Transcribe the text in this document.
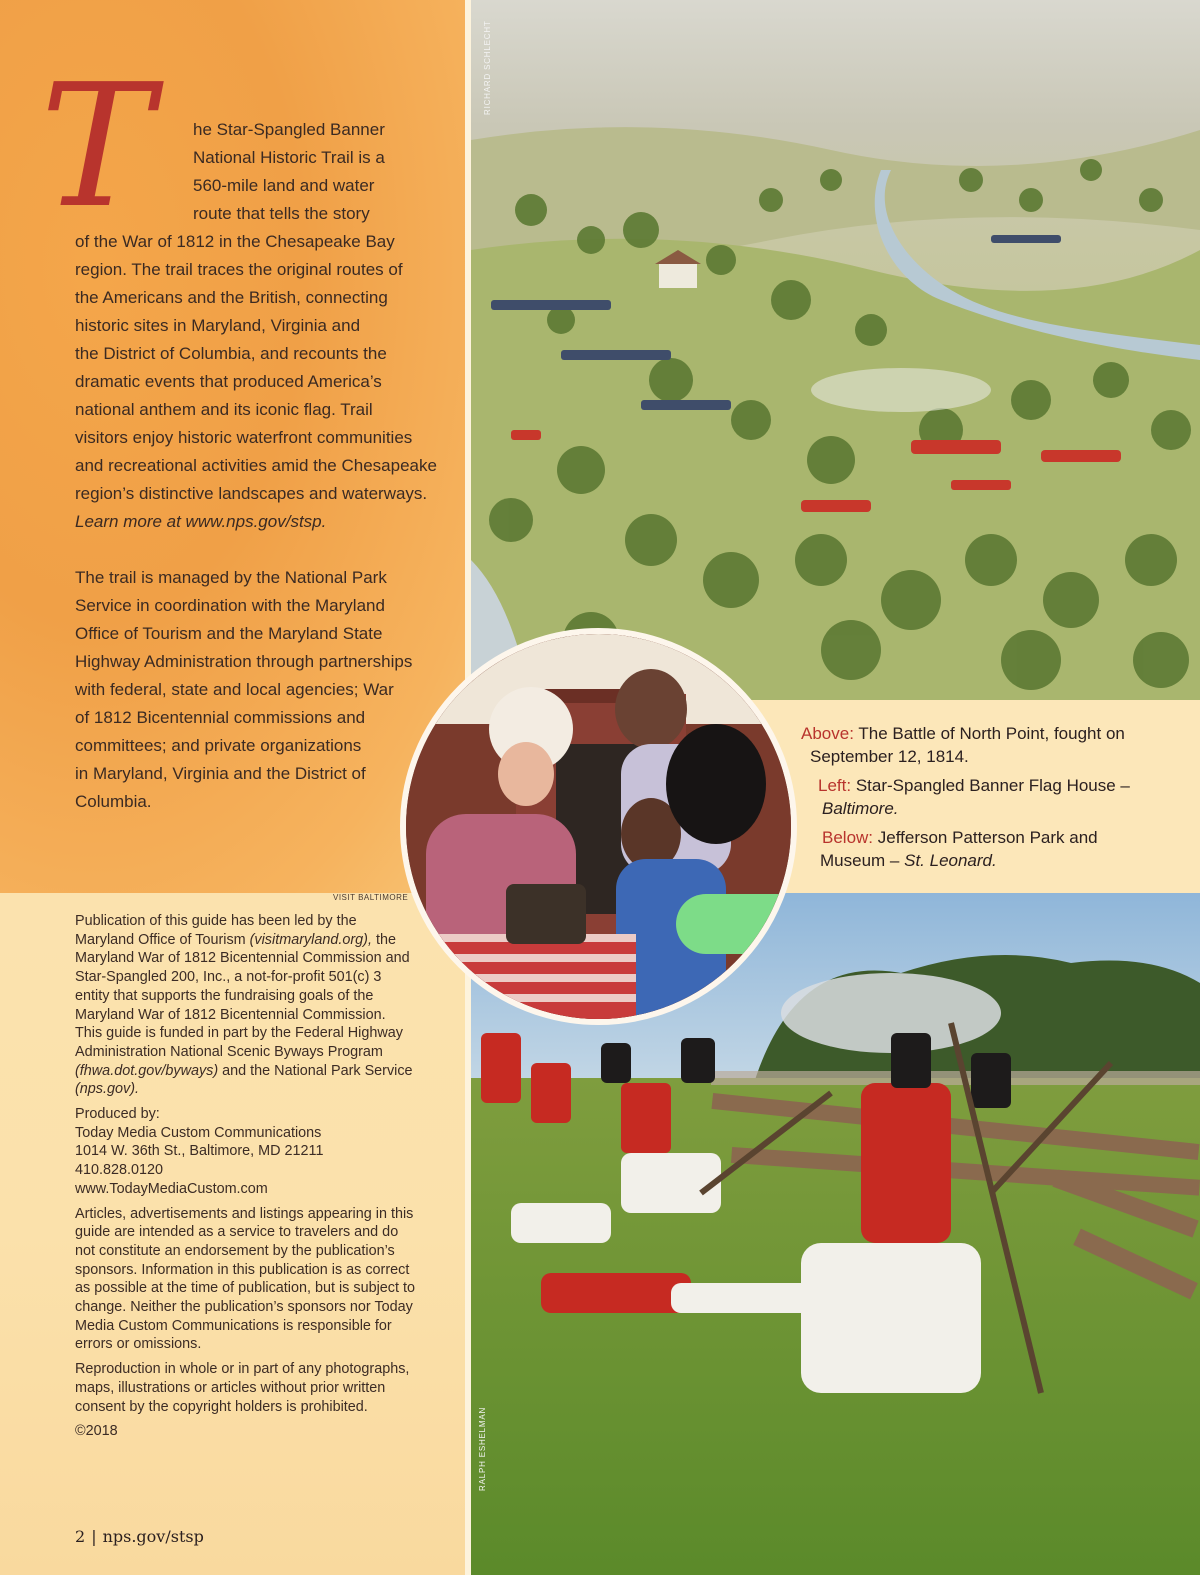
T	he Star-Spangled Banner
National Historic Trail is a
560-mile land and water
route that tells the story
of the War of 1812 in the Chesapeake Bay
region. The trail traces the original routes of
the Americans and the British, connecting
historic sites in Maryland, Virginia and
the District of Columbia, and recounts the
dramatic events that produced America’s
national anthem and its iconic flag. Trail
visitors enjoy historic waterfront communities
and recreational activities amid the Chesapeake
region’s distinctive landscapes and waterways.
Learn more at www.nps.gov/stsp.

The trail is managed by the National Park
Service in coordination with the Maryland
Office of Tourism and the Maryland State
Highway Administration through partnerships
with federal, state and local agencies; War
of 1812 Bicentennial commissions and
committees; and private organizations
in Maryland, Virginia and the District of
Columbia.

RICHARD SCHLECHT
Above: The Battle of North Point, fought on
September 12, 1814.
Left: Star-Spangled Banner Flag House –
Baltimore.
Below: Jefferson Patterson Park and
Museum – St. Leonard.
RALPH ESHELMAN
VISIT BALTIMORE

Publication of this guide has been led by the Maryland Office of Tourism (visitmaryland.org), the Maryland War of 1812 Bicentennial Commission and Star-Spangled 200, Inc., a not-for-profit 501(c) 3 entity that supports the fundraising goals of the Maryland War of 1812 Bicentennial Commission. This guide is funded in part by the Federal Highway Administration National Scenic Byways Program (fhwa.dot.gov/byways) and the National Park Service (nps.gov).

Produced by:
Today Media Custom Communications
1014 W. 36th St., Baltimore, MD 21211
410.828.0120
www.TodayMediaCustom.com

Articles, advertisements and listings appearing in this guide are intended as a service to travelers and do not constitute an endorsement by the publication’s sponsors. Information in this publication is as correct as possible at the time of publication, but is subject to change. Neither the publication’s sponsors nor Today Media Custom Communications is responsible for errors or omissions.

Reproduction in whole or in part of any photographs, maps, illustrations or articles without prior written consent by the copyright holders is prohibited.

©2018

2 | nps.gov/stsp
